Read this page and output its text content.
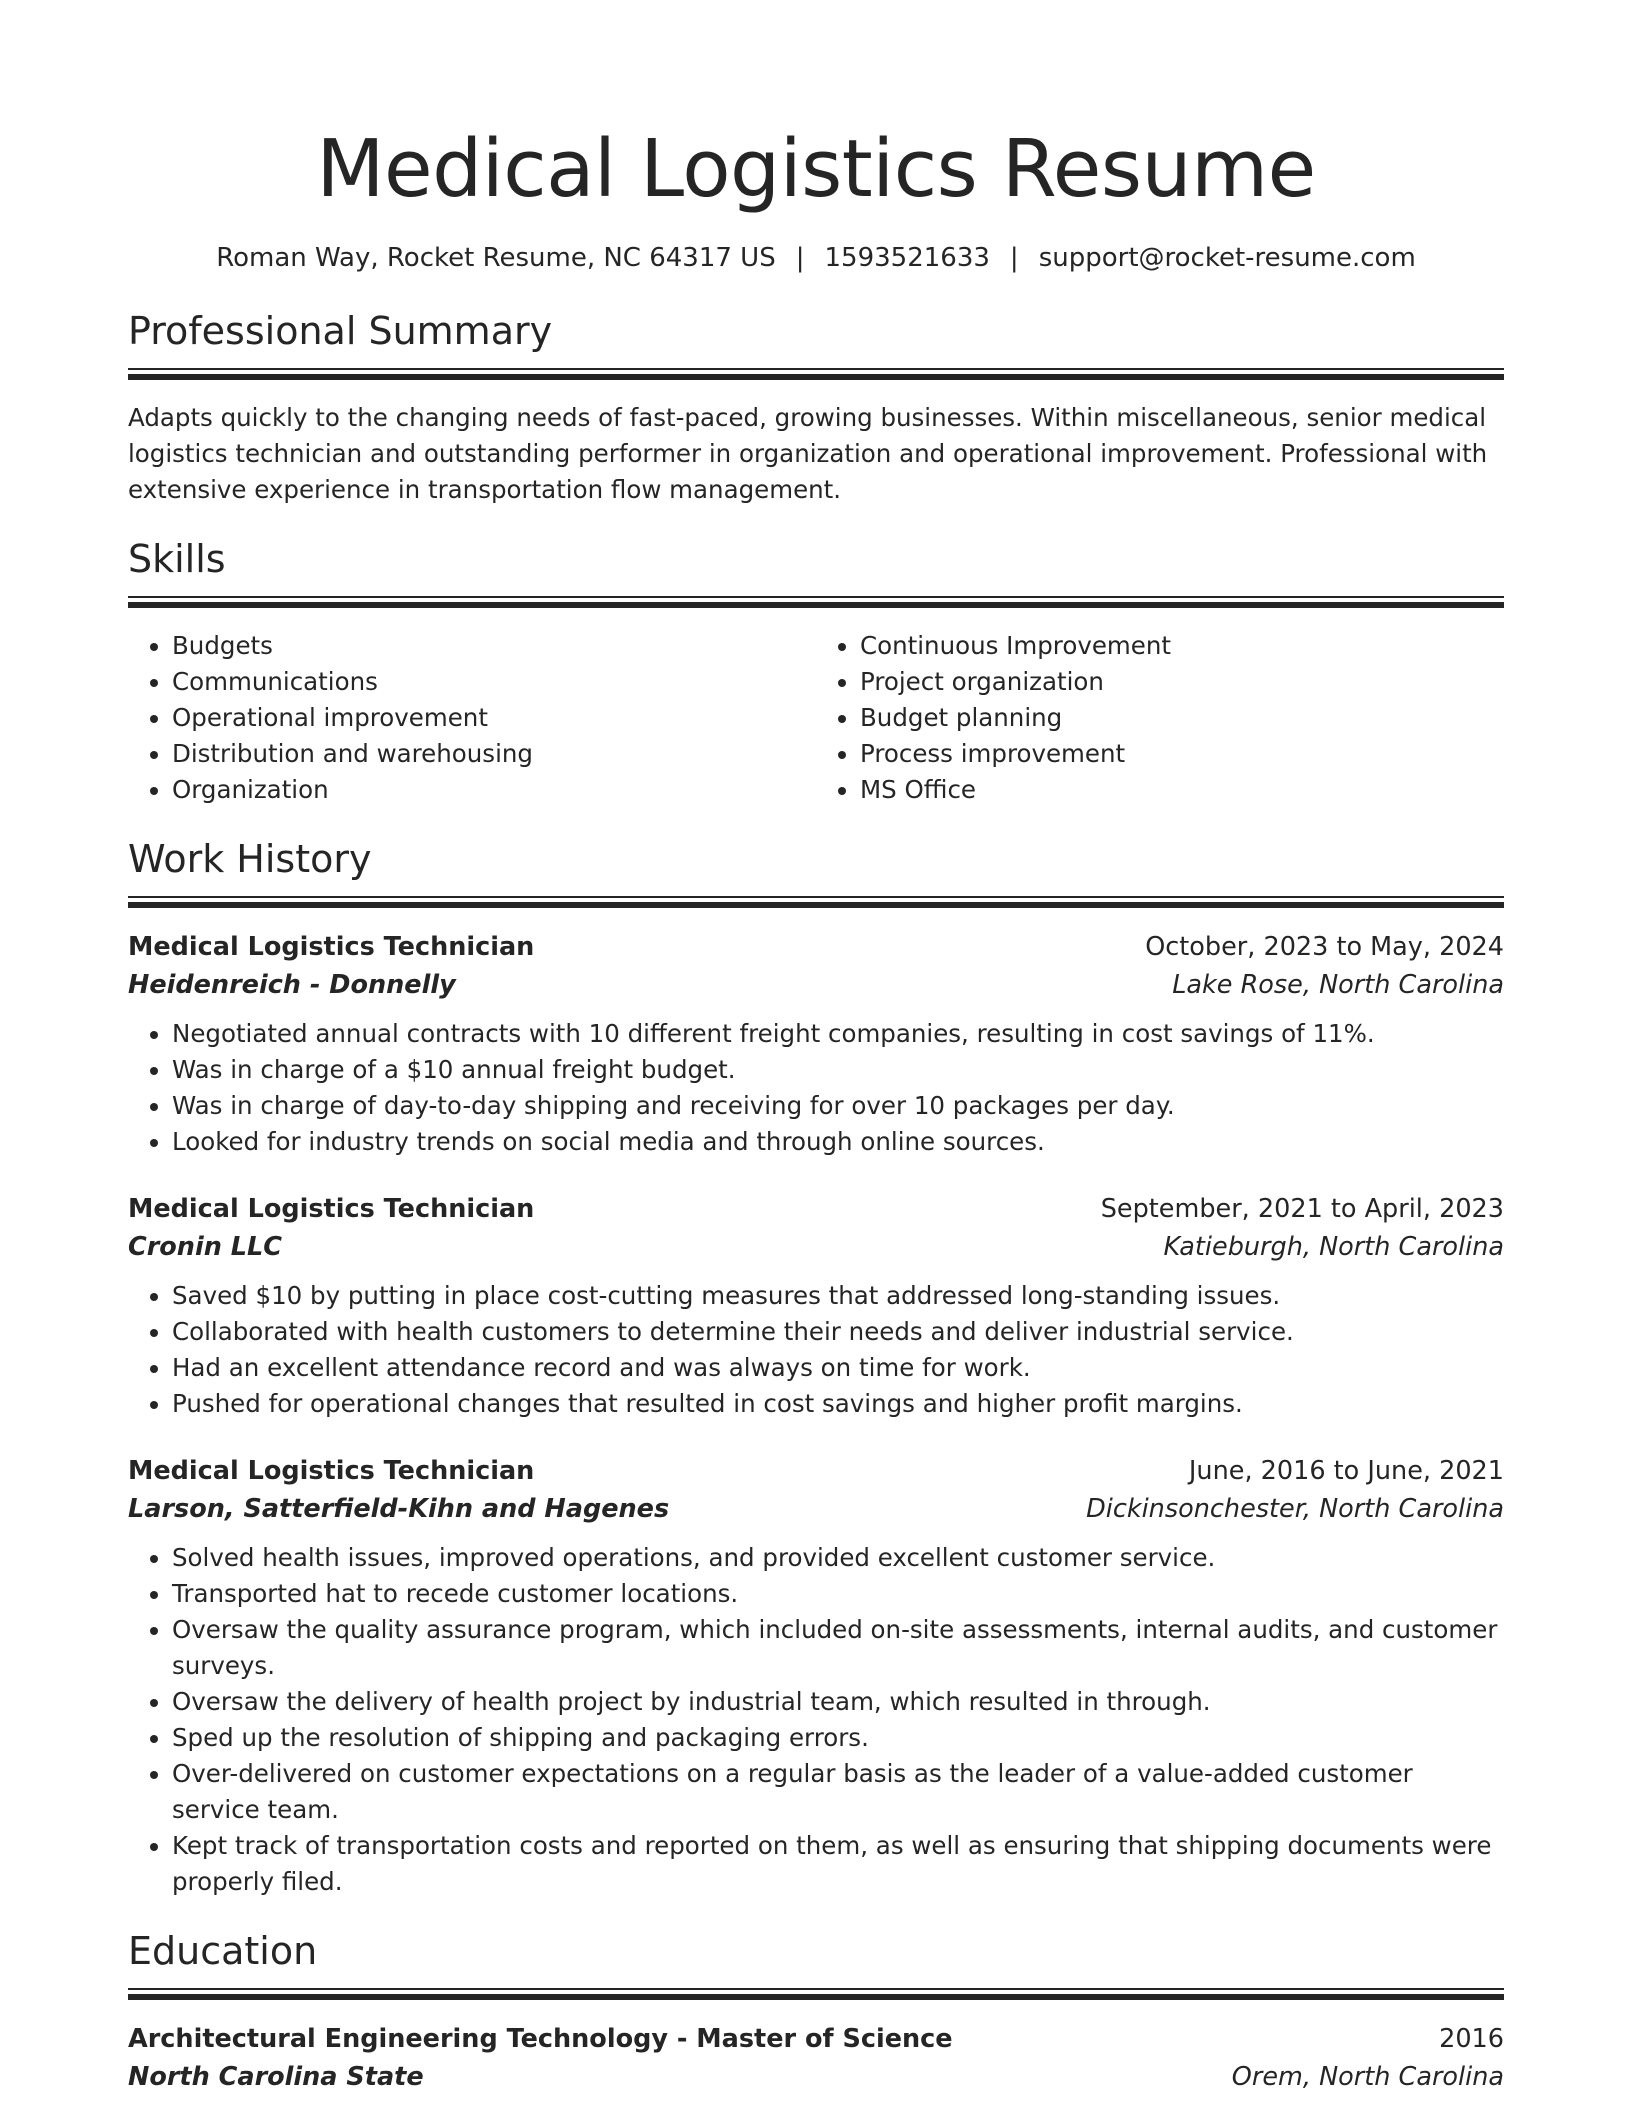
Medical Logistics Resume
Roman Way, Rocket Resume, NC 64317 US | 1593521633 | support@rocket-resume.com
Professional Summary

Adapts quickly to the changing needs of fast-paced, growing businesses. Within miscellaneous, senior medical logistics technician and outstanding performer in organization and operational improvement. Professional with extensive experience in transportation flow management.

Skills
• Budgets
• Communications
• Operational improvement
• Distribution and warehousing
• Organization
• Continuous Improvement
• Project organization
• Budget planning
• Process improvement
• MS Office
Work History
Medical Logistics Technician	October, 2023 to May, 2024
Heidenreich - Donnelly	Lake Rose, North Carolina
• Negotiated annual contracts with 10 different freight companies, resulting in cost savings of 11%.
• Was in charge of a $10 annual freight budget.
• Was in charge of day-to-day shipping and receiving for over 10 packages per day.
• Looked for industry trends on social media and through online sources.
Medical Logistics Technician	September, 2021 to April, 2023
Cronin LLC	Katieburgh, North Carolina
• Saved $10 by putting in place cost-cutting measures that addressed long-standing issues.
• Collaborated with health customers to determine their needs and deliver industrial service.
• Had an excellent attendance record and was always on time for work.
• Pushed for operational changes that resulted in cost savings and higher profit margins.
Medical Logistics Technician	June, 2016 to June, 2021
Larson, Satterfield-Kihn and Hagenes	Dickinsonchester, North Carolina
• Solved health issues, improved operations, and provided excellent customer service.
• Transported hat to recede customer locations.
• Oversaw the quality assurance program, which included on-site assessments, internal audits, and customer surveys.
• Oversaw the delivery of health project by industrial team, which resulted in through.
• Sped up the resolution of shipping and packaging errors.
• Over-delivered on customer expectations on a regular basis as the leader of a value-added customer service team.
• Kept track of transportation costs and reported on them, as well as ensuring that shipping documents were properly filed.
Education
Architectural Engineering Technology - Master of Science	2016
North Carolina State	Orem, North Carolina
